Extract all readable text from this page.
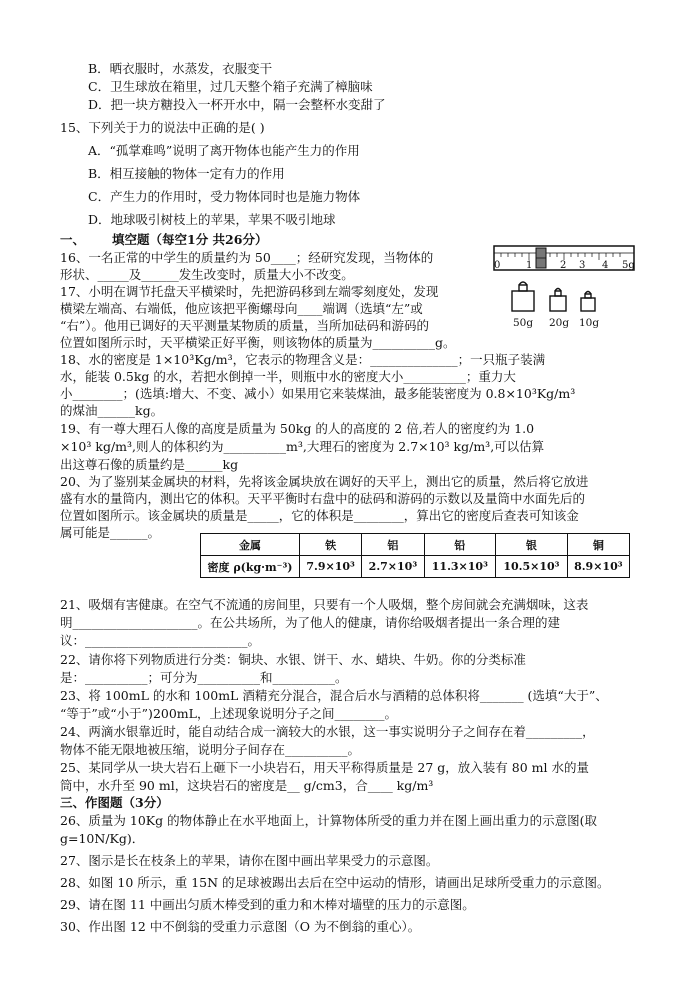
B．晒衣服时，水蒸发，衣服变干
C．卫生球放在箱里，过几天整个箱子充满了樟脑味
D．把一块方糖投入一杯开水中，隔一会整杯水变甜了
15、下列关于力的说法中正确的是( )
A．“孤掌难鸣”说明了离开物体也能产生力的作用
B．相互接触的物体一定有力的作用
C．产生力的作用时，受力物体同时也是施力物体
D．地球吸引树枝上的苹果，苹果不吸引地球
一、 填空题（每空1分 共26分）
16、一名正常的中学生的质量约为 50____；经研究发现，当物体的
形状、_____及______发生改变时，质量大小不改变。
17、小明在调节托盘天平横梁时，先把游码移到左端零刻度处，发现
横梁左端高、右端低，他应该把平衡螺母向____端调（选填“左”或
“右”）。他用已调好的天平测量某物质的质量，当所加砝码和游码的
位置如图所示时，天平横梁正好平衡，则该物体的质量为__________g。
0	1	2 3 4 5g
50g 20g 10g
18、水的密度是 1×10³Kg/m³，它表示的物理含义是：______________；一只瓶子装满
水，能装 0.5kg 的水，若把水倒掉一半，则瓶中水的密度大小__________；重力大
小________；(选填:增大、不变、减小）如果用它来装煤油，最多能装密度为 0.8×10³Kg/m³
的煤油______kg。
19、有一尊大理石人像的高度是质量为 50kg 的人的高度的 2 倍,若人的密度约为 1.0
×10³ kg/m³,则人的体积约为__________m³,大理石的密度为 2.7×10³ kg/m³,可以估算
出这尊石像的质量约是______kg
20、为了鉴别某金属块的材料，先将该金属块放在调好的天平上，测出它的质量，然后将它放进
盛有水的量筒内，测出它的体积。天平平衡时右盘中的砝码和游码的示数以及量筒中水面先后的
位置如图所示。该金属块的质量是_____，它的体积是________，算出它的密度后查表可知该金
属可能是______。
金属	铁	铝	铅	银	铜
密度 ρ(kg·m⁻³)	7.9×10³	2.7×10³	11.3×10³	10.5×10³	8.9×10³
21、吸烟有害健康。在空气不流通的房间里，只要有一个人吸烟，整个房间就会充满烟味，这表
明____________________。在公共场所，为了他人的健康，请你给吸烟者提出一条合理的建
议：__________________________。
22、请你将下列物质进行分类：铜块、水银、饼干、水、蜡块、牛奶。你的分类标准
是：__________；可分为__________和__________。
23、将 100mL 的水和 100mL 酒精充分混合，混合后水与酒精的总体积将_______ (选填“大于”、
“等于”或“小于”)200mL，上述现象说明分子之间________。
24、两滴水银靠近时，能自动结合成一滴较大的水银，这一事实说明分子之间存在着_________，
物体不能无限地被压缩，说明分子间存在__________。
25、某同学从一块大岩石上砸下一小块岩石，用天平称得质量是 27 g，放入装有 80 ml 水的量
筒中，水升至 90 ml，这块岩石的密度是__ g/cm3，合____ kg/m³
三、作图题（3分）
26、质量为 10Kg 的物体静止在水平地面上，计算物体所受的重力并在图上画出重力的示意图(取
g=10N/Kg)．
27、图示是长在枝条上的苹果，请你在图中画出苹果受力的示意图。
28、如图 10 所示，重 15N 的足球被踢出去后在空中运动的情形，请画出足球所受重力的示意图。
29、请在图 11 中画出匀质木棒受到的重力和木棒对墙壁的压力的示意图。
30、作出图 12 中不倒翁的受重力示意图（O 为不倒翁的重心）。
